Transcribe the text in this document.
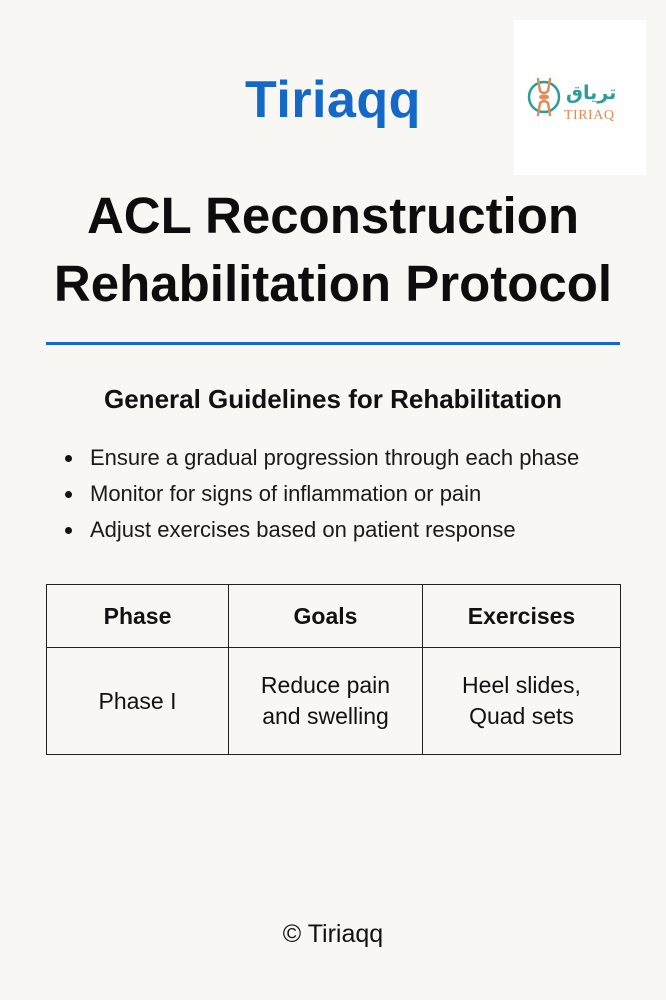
Tiriaqq	ترياق
TIRIAQ
ACL Reconstruction
Rehabilitation Protocol
General Guidelines for Rehabilitation
Ensure a gradual progression through each phase
Monitor for signs of inflammation or pain
Adjust exercises based on patient response
Phase	Goals	Exercises
Phase I	Reduce pain and swelling	Heel slides, Quad sets
© Tiriaqq
